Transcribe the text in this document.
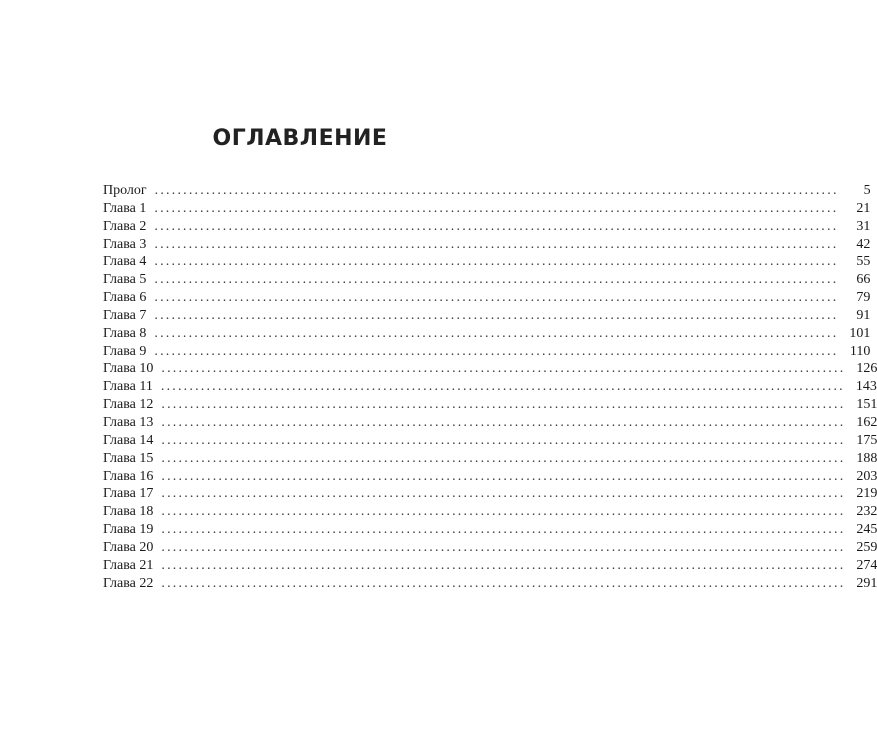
ОГЛАВЛЕНИЕ
Пролог ........................................................................................................................	5
Глава 1 ........................................................................................................................	21
Глава 2 ........................................................................................................................	31
Глава 3 ........................................................................................................................	42
Глава 4 ........................................................................................................................	55
Глава 5 ........................................................................................................................	66
Глава 6 ........................................................................................................................	79
Глава 7 ........................................................................................................................	91
Глава 8 ........................................................................................................................ 101
Глава 9 ........................................................................................................................ 110
Глава 10 ........................................................................................................................ 126
Глава 11 ........................................................................................................................ 143
Глава 12 ........................................................................................................................ 151
Глава 13 ........................................................................................................................ 162
Глава 14 ........................................................................................................................ 175
Глава 15 ........................................................................................................................ 188
Глава 16 ........................................................................................................................ 203
Глава 17 ........................................................................................................................ 219
Глава 18 ........................................................................................................................ 232
Глава 19 ........................................................................................................................ 245
Глава 20 ........................................................................................................................ 259
Глава 21 ........................................................................................................................ 274
Глава 22 ........................................................................................................................ 291
